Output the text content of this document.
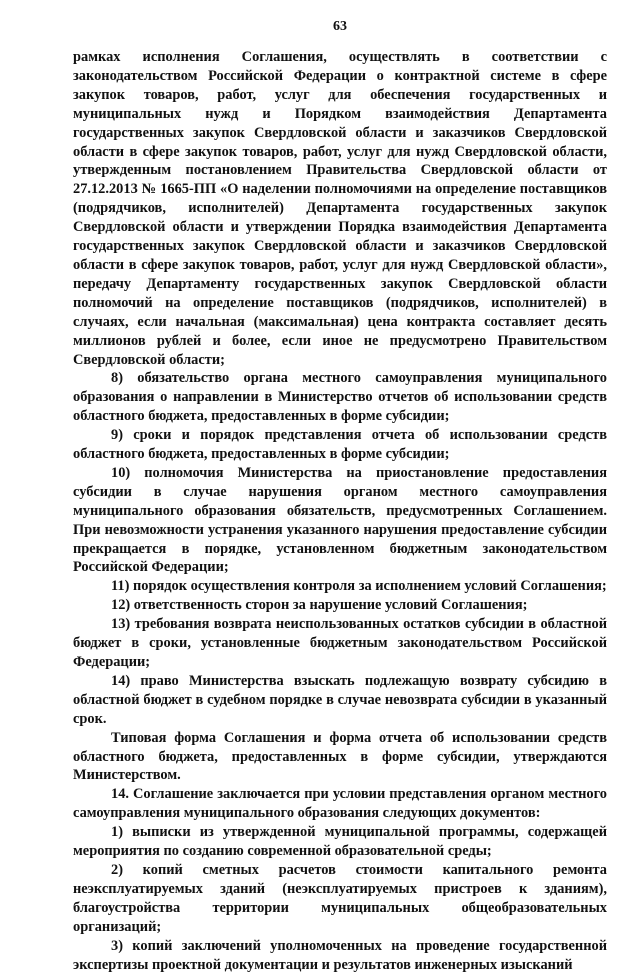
63

рамках исполнения Соглашения, осуществлять в соответствии с законодательством Российской Федерации о контрактной системе в сфере закупок товаров, работ, услуг для обеспечения государственных и муниципальных нужд и Порядком взаимодействия Департамента государственных закупок Свердловской области и заказчиков Свердловской области в сфере закупок товаров, работ, услуг для нужд Свердловской области, утвержденным постановлением Правительства Свердловской области от 27.12.2013 № 1665-ПП «О наделении полномочиями на определение поставщиков (подрядчиков, исполнителей) Департамента государственных закупок Свердловской области и утверждении Порядка взаимодействия Департамента государственных закупок Свердловской области и заказчиков Свердловской области в сфере закупок товаров, работ, услуг для нужд Свердловской области», передачу Департаменту государственных закупок Свердловской области полномочий на определение поставщиков (подрядчиков, исполнителей) в случаях, если начальная (максимальная) цена контракта составляет десять миллионов рублей и более, если иное не предусмотрено Правительством Свердловской области;

8) обязательство органа местного самоуправления муниципального образования о направлении в Министерство отчетов об использовании средств областного бюджета, предоставленных в форме субсидии;

9) сроки и порядок представления отчета об использовании средств областного бюджета, предоставленных в форме субсидии;

10) полномочия Министерства на приостановление предоставления субсидии в случае нарушения органом местного самоуправления муниципального образования обязательств, предусмотренных Соглашением. При невозможности устранения указанного нарушения предоставление субсидии прекращается в порядке, установленном бюджетным законодательством Российской Федерации;

11) порядок осуществления контроля за исполнением условий Соглашения;

12) ответственность сторон за нарушение условий Соглашения;

13) требования возврата неиспользованных остатков субсидии в областной бюджет в сроки, установленные бюджетным законодательством Российской Федерации;

14) право Министерства взыскать подлежащую возврату субсидию в областной бюджет в судебном порядке в случае невозврата субсидии в указанный срок.

Типовая форма Соглашения и форма отчета об использовании средств областного бюджета, предоставленных в форме субсидии, утверждаются Министерством.

14. Соглашение заключается при условии представления органом местного самоуправления муниципального образования следующих документов:

1) выписки из утвержденной муниципальной программы, содержащей мероприятия по созданию современной образовательной среды;

2) копий сметных расчетов стоимости капитального ремонта неэксплуатируемых зданий (неэксплуатируемых пристроев к зданиям), благоустройства территории муниципальных общеобразовательных организаций;

3) копий заключений уполномоченных на проведение государственной экспертизы проектной документации и результатов инженерных изысканий
